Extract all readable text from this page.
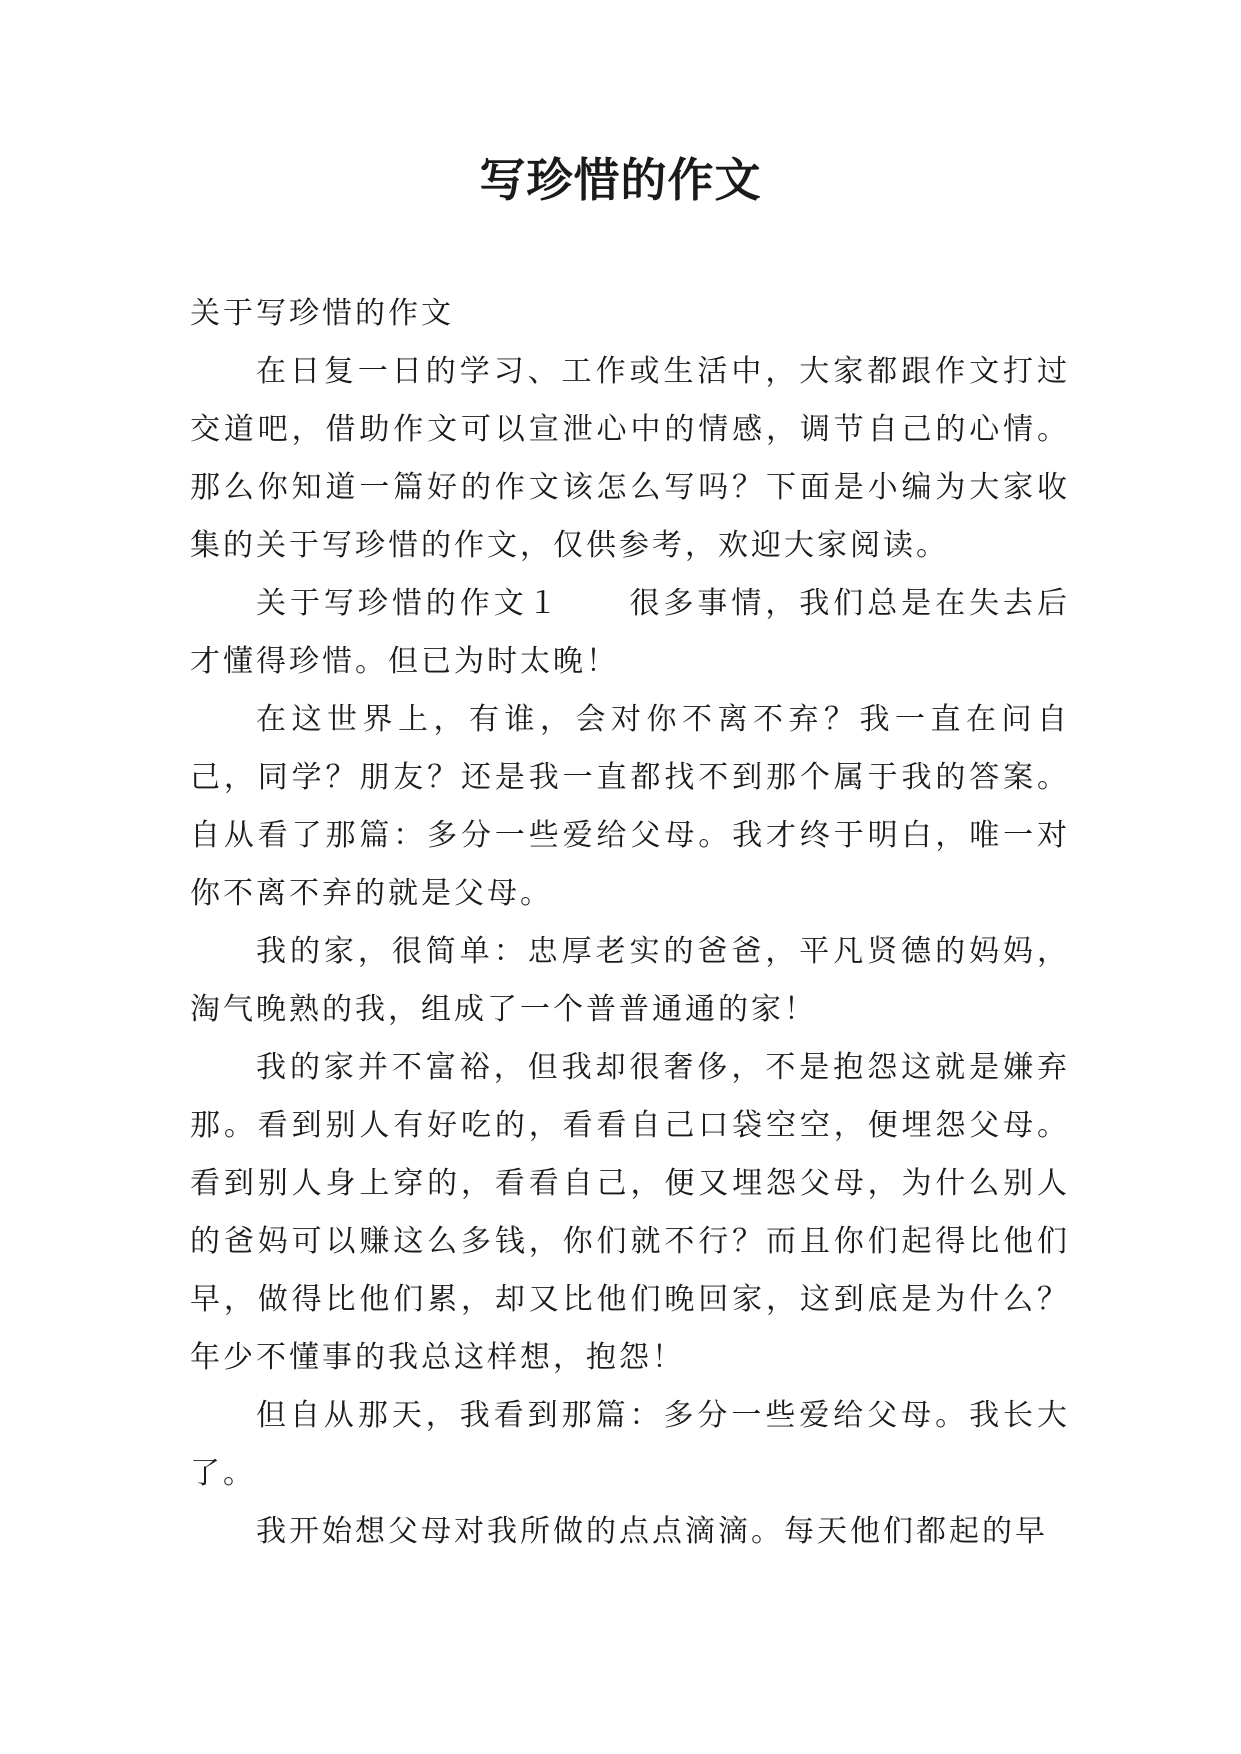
写珍惜的作文

关于写珍惜的作文

在日复一日的学习、工作或生活中，大家都跟作文打过交道吧，借助作文可以宣泄心中的情感，调节自己的心情。那么你知道一篇好的作文该怎么写吗？下面是小编为大家收集的关于写珍惜的作文，仅供参考，欢迎大家阅读。

关于写珍惜的作文１　　很多事情，我们总是在失去后才懂得珍惜。但已为时太晚！

在这世界上，有谁，会对你不离不弃？我一直在问自己，同学？朋友？还是我一直都找不到那个属于我的答案。自从看了那篇：多分一些爱给父母。我才终于明白，唯一对你不离不弃的就是父母。

我的家，很简单：忠厚老实的爸爸，平凡贤德的妈妈，淘气晚熟的我，组成了一个普普通通的家！

我的家并不富裕，但我却很奢侈，不是抱怨这就是嫌弃那。看到别人有好吃的，看看自己口袋空空，便埋怨父母。看到别人身上穿的，看看自己，便又埋怨父母，为什么别人的爸妈可以赚这么多钱，你们就不行？而且你们起得比他们早，做得比他们累，却又比他们晚回家，这到底是为什么？年少不懂事的我总这样想，抱怨！

但自从那天，我看到那篇：多分一些爱给父母。我长大了。

我开始想父母对我所做的点点滴滴。每天他们都起的早
